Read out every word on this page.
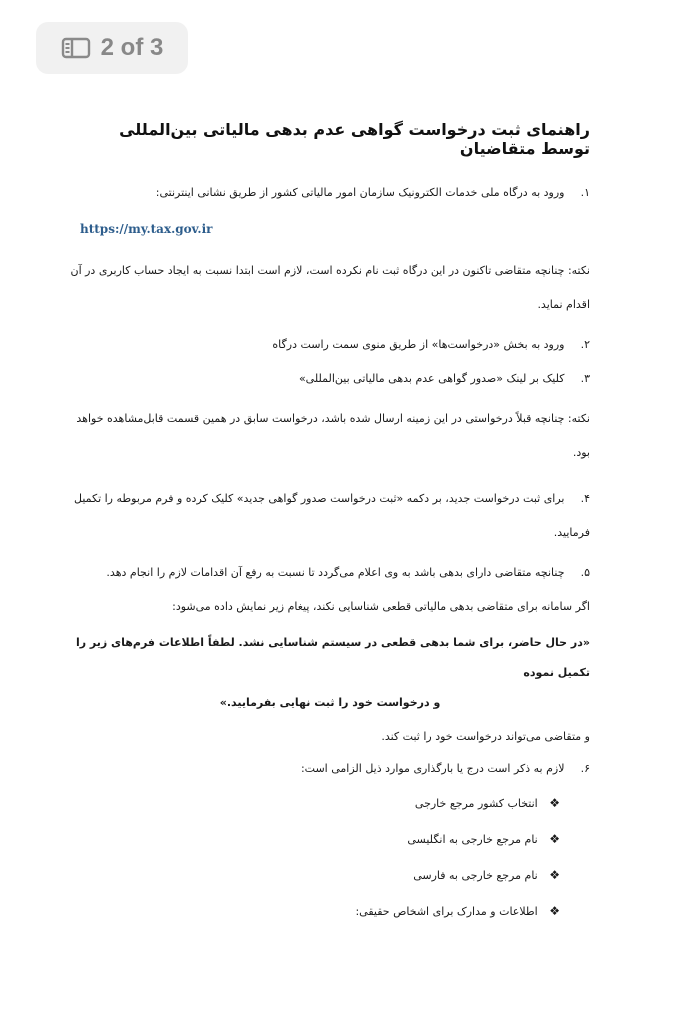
2 of 3
راهنمای ثبت درخواست گواهی عدم بدهی مالیاتی بین‌المللی توسط متقاضیان
۱. ورود به درگاه ملی خدمات الکترونیک سازمان امور مالیاتی کشور از طریق نشانی اینترنتی:
https://my.tax.gov.ir
نکته: چنانچه متقاضی تاکنون در این درگاه ثبت نام نکرده است، لازم است ابتدا نسبت به ایجاد حساب کاربری در آن اقدام نماید.
۲. ورود به بخش «درخواست‌ها» از طریق منوی سمت راست درگاه
۳. کلیک بر لینک «صدور گواهی عدم بدهی مالیاتی بین‌المللی»
نکته: چنانچه قبلاً درخواستی در این زمینه ارسال شده باشد، درخواست سابق در همین قسمت قابل‌مشاهده خواهد بود.
۴. برای ثبت درخواست جدید، بر دکمه «ثبت درخواست صدور گواهی جدید» کلیک کرده و فرم مربوطه را تکمیل فرمایید.
۵. چنانچه متقاضی دارای بدهی باشد به وی اعلام می‌گردد تا نسبت به رفع آن اقدامات لازم را انجام دهد.
اگر سامانه برای متقاضی بدهی مالیاتی قطعی شناسایی نکند، پیغام زیر نمایش داده می‌شود:
«در حال حاضر، برای شما بدهی قطعی در سیستم شناسایی نشد. لطفاً اطلاعات فرم‌های زیر را تکمیل نموده
و درخواست خود را ثبت نهایی بفرمایید.»
و متقاضی می‌تواند درخواست خود را ثبت کند.
۶. لازم به ذکر است درج یا بارگذاری موارد ذیل الزامی است:
❖ انتخاب کشور مرجع خارجی
❖ نام مرجع خارجی به انگلیسی
❖ نام مرجع خارجی به فارسی
❖ اطلاعات و مدارک برای اشخاص حقیقی:
